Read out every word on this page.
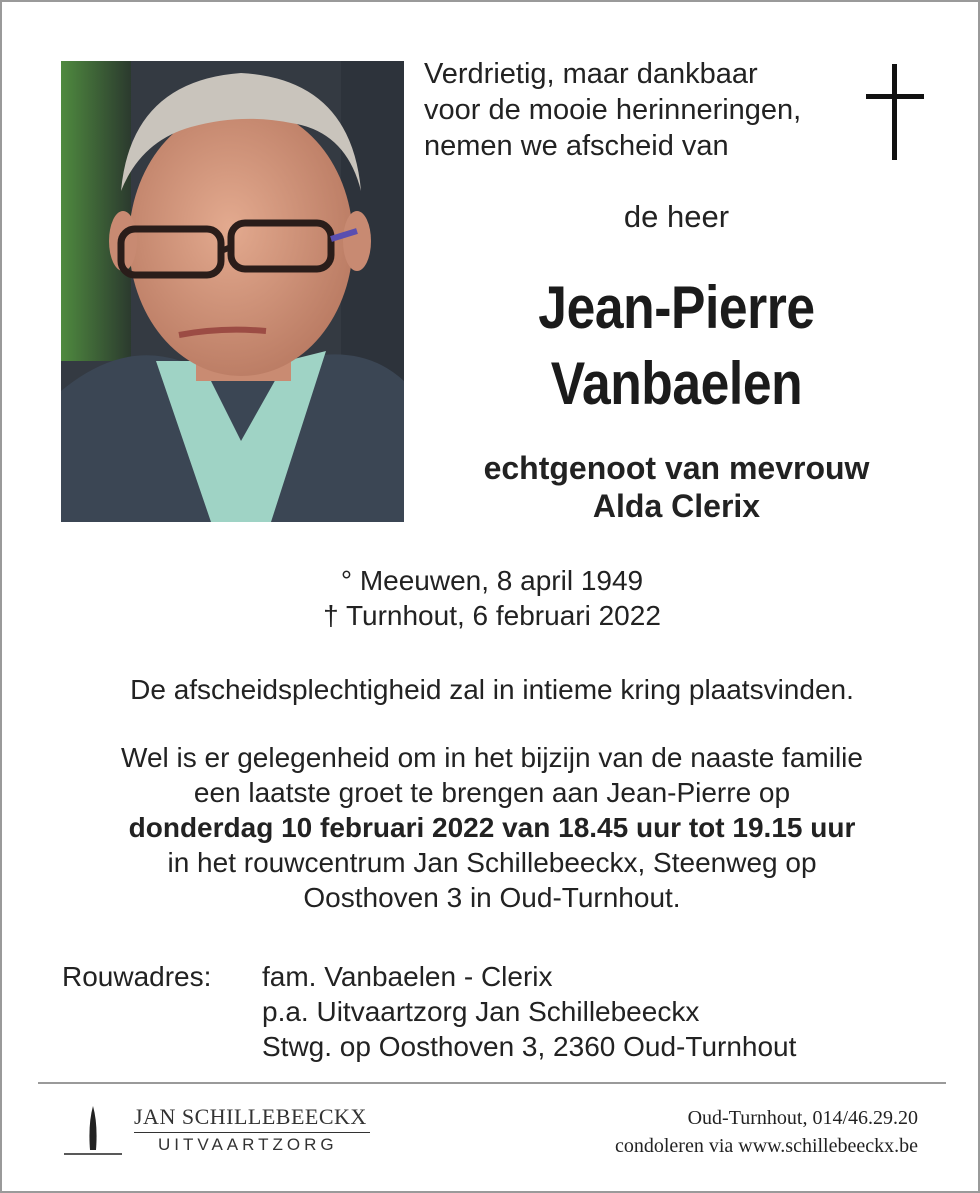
Verdrietig, maar dankbaar
voor de mooie herinneringen,
nemen we afscheid van
de heer
Jean-Pierre
Vanbaelen
echtgenoot van mevrouw
Alda Clerix
° Meeuwen, 8 april 1949
† Turnhout, 6 februari 2022
De afscheidsplechtigheid zal in intieme kring plaatsvinden.
Wel is er gelegenheid om in het bijzijn van de naaste familie
een laatste groet te brengen aan Jean-Pierre op
donderdag 10 februari 2022 van 18.45 uur tot 19.15 uur
in het rouwcentrum Jan Schillebeeckx, Steenweg op
Oosthoven 3 in Oud-Turnhout.
Rouwadres:	fam. Vanbaelen - Clerix
p.a. Uitvaartzorg Jan Schillebeeckx
Stwg. op Oosthoven 3, 2360 Oud-Turnhout
JAN SCHILLEBEECKX
UITVAARTZORG
Oud-Turnhout, 014/46.29.20
condoleren via www.schillebeeckx.be
